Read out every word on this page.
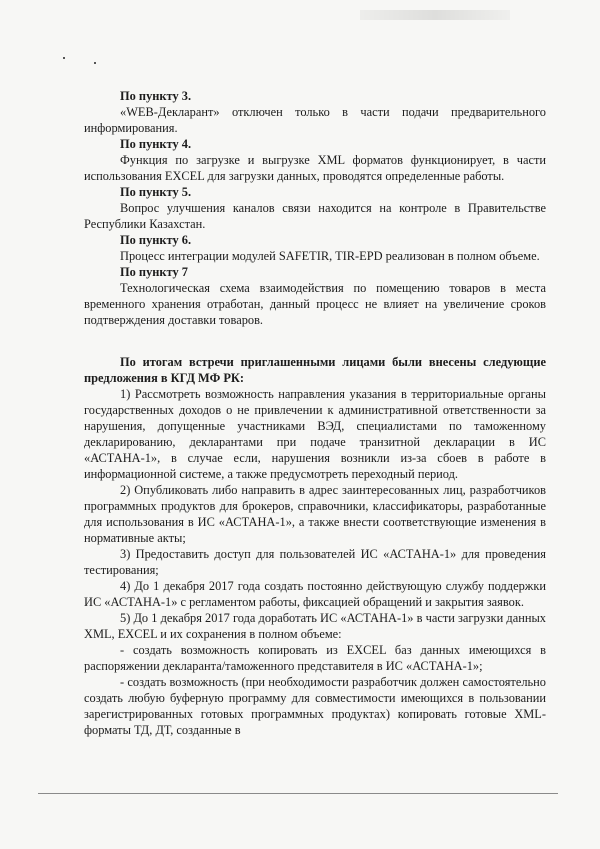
По пункту 3.

«WEB-Декларант» отключен только в части подачи предварительного информирования.

По пункту 4.

Функция по загрузке и выгрузке XML форматов функционирует, в части использования EXCEL для загрузки данных, проводятся определенные работы.

По пункту 5.

Вопрос улучшения каналов связи находится на контроле в Правительстве Республики Казахстан.

По пункту 6.

Процесс интеграции модулей SAFETIR, TIR-EPD реализован в полном объеме.

По пункту 7

Технологическая схема взаимодействия по помещению товаров в места временного хранения отработан, данный процесс не влияет на увеличение сроков подтверждения доставки товаров.

По итогам встречи приглашенными лицами были внесены следующие предложения в КГД МФ РК:

1) Рассмотреть возможность направления указания в территориальные органы государственных доходов о не привлечении к административной ответственности за нарушения, допущенные участниками ВЭД, специалистами по таможенному декларированию, декларантами при подаче транзитной декларации в ИС «АСТАНА-1», в случае если, нарушения возникли из-за сбоев в работе в информационной системе, а также предусмотреть переходный период.

2) Опубликовать либо направить в адрес заинтересованных лиц, разработчиков программных продуктов для брокеров, справочники, классификаторы, разработанные для использования в ИС «АСТАНА-1», а также внести соответствующие изменения в нормативные акты;

3) Предоставить доступ для пользователей ИС «АСТАНА-1» для проведения тестирования;

4) До 1 декабря 2017 года создать постоянно действующую службу поддержки ИС «АСТАНА-1» с регламентом работы, фиксацией обращений и закрытия заявок.

5) До 1 декабря 2017 года доработать ИС «АСТАНА-1» в части загрузки данных XML, EXCEL и их сохранения в полном объеме:

- создать возможность копировать из EXCEL баз данных имеющихся в распоряжении декларанта/таможенного представителя в ИС «АСТАНА-1»;

- создать возможность (при необходимости разработчик должен самостоятельно создать любую буферную программу для совместимости имеющихся в пользовании зарегистрированных готовых программных продуктах) копировать готовые XML-форматы ТД, ДТ, созданные в
